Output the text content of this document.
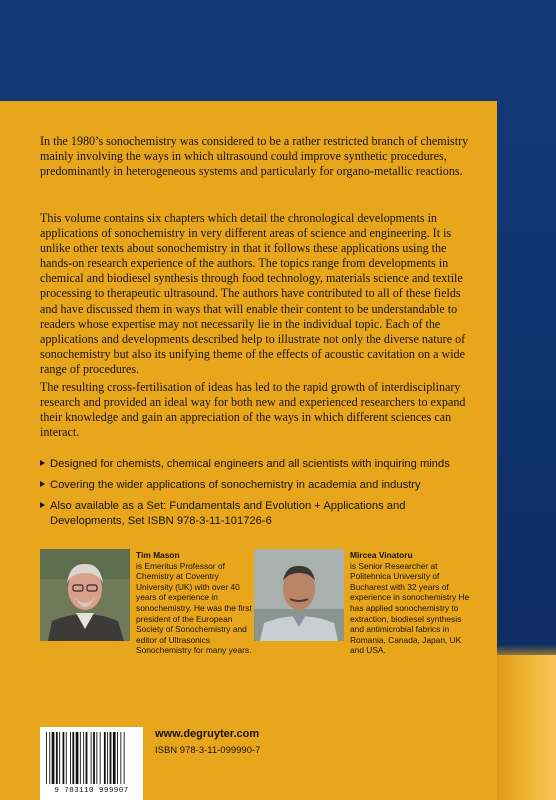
In the 1980’s sonochemistry was considered to be a rather restricted branch of chemistry mainly involving the ways in which ultrasound could improve synthetic procedures, predominantly in heterogeneous systems and particularly for organo-metallic reactions.

This volume contains six chapters which detail the chronological developments in applications of sonochemistry in very different areas of science and engineering. It is unlike other texts about sonochemistry in that it follows these applications using the hands-on research experience of the authors. The topics range from developments in chemical and biodiesel synthesis through food technology, materials science and textile processing to therapeutic ultrasound. The authors have contributed to all of these fields and have discussed them in ways that will enable their content to be understandable to readers whose expertise may not necessarily lie in the individual topic. Each of the applications and developments described help to illustrate not only the diverse nature of sonochemistry but also its unifying theme of the effects of acoustic cavitation on a wide range of procedures.

The resulting cross-fertilisation of ideas has led to the rapid growth of interdisciplinary research and provided an ideal way for both new and experienced researchers to expand their knowledge and gain an appreciation of the ways in which different sciences can interact.

Designed for chemists, chemical engineers and all scientists with inquiring minds
Covering the wider applications of sonochemistry in academia and industry
Also available as a Set: Fundamentals and Evolution + Applications and Developments, Set ISBN 978-3-11-101726-6

Tim Mason
is Emeritus Professor of Chemistry at Coventry University (UK) with over 40 years of experience in sonochemistry. He was the first president of the European Society of Sonochemistry and editor of Ultrasonics Sonochemistry for many years.

Mircea Vinatoru
is Senior Researcher at Politehnica University of Bucharest with 32 years of experience in sonochemistry He has applied sonochemistry to extraction, biodiesel synthesis and antimicrobial fabrics in Romania, Canada, Japan, UK and USA.

9 783110 999907

www.degruyter.com

ISBN 978-3-11-099990-7
